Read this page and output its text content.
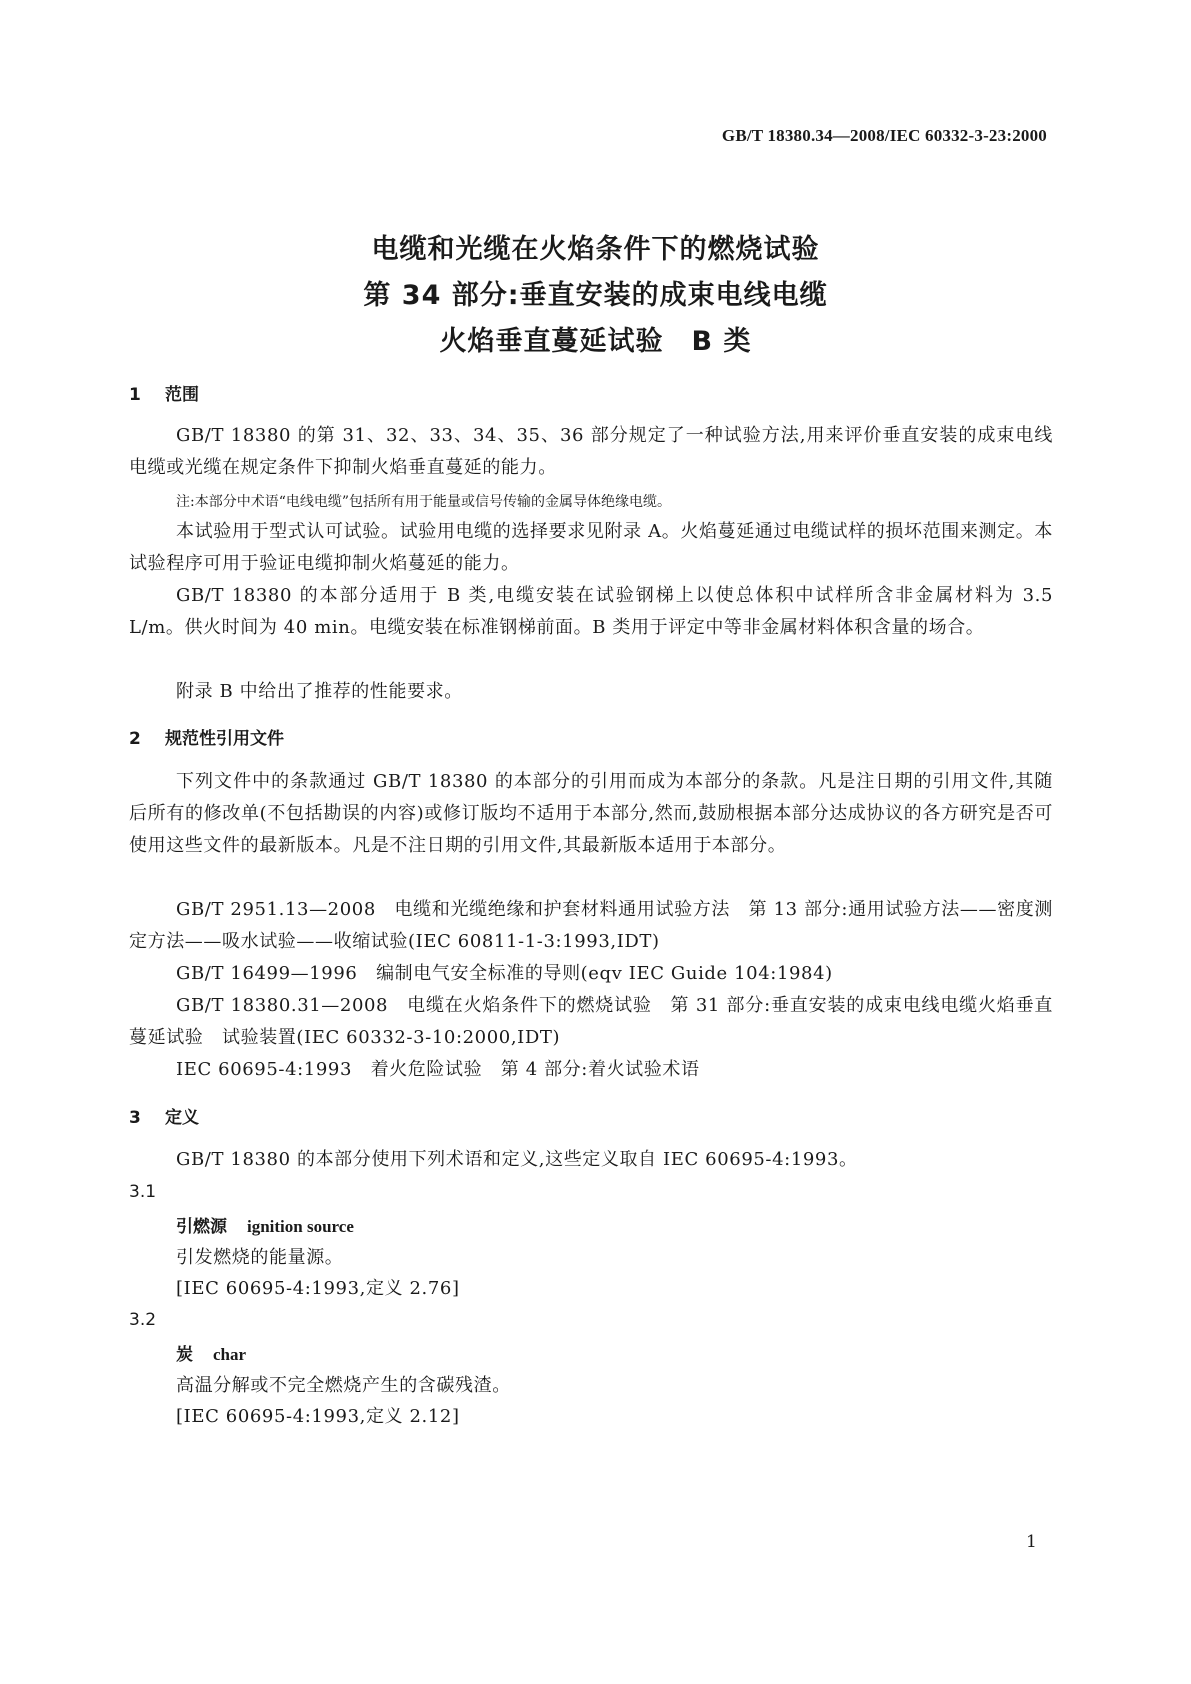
GB/T 18380.34—2008/IEC 60332-3-23:2000
电缆和光缆在火焰条件下的燃烧试验
第 34 部分:垂直安装的成束电线电缆
火焰垂直蔓延试验　B 类
1 范围
GB/T 18380 的第 31、32、33、34、35、36 部分规定了一种试验方法,用来评价垂直安装的成束电线电缆或光缆在规定条件下抑制火焰垂直蔓延的能力。
注:本部分中术语“电线电缆”包括所有用于能量或信号传输的金属导体绝缘电缆。
本试验用于型式认可试验。试验用电缆的选择要求见附录 A。火焰蔓延通过电缆试样的损坏范围来测定。本试验程序可用于验证电缆抑制火焰蔓延的能力。
GB/T 18380 的本部分适用于 B 类,电缆安装在试验钢梯上以使总体积中试样所含非金属材料为 3.5 L/m。供火时间为 40 min。电缆安装在标准钢梯前面。B 类用于评定中等非金属材料体积含量的场合。
附录 B 中给出了推荐的性能要求。
2 规范性引用文件
下列文件中的条款通过 GB/T 18380 的本部分的引用而成为本部分的条款。凡是注日期的引用文件,其随后所有的修改单(不包括勘误的内容)或修订版均不适用于本部分,然而,鼓励根据本部分达成协议的各方研究是否可使用这些文件的最新版本。凡是不注日期的引用文件,其最新版本适用于本部分。
GB/T 2951.13—2008　电缆和光缆绝缘和护套材料通用试验方法　第 13 部分:通用试验方法——密度测定方法——吸水试验——收缩试验(IEC 60811-1-3:1993,IDT)
GB/T 16499—1996　编制电气安全标准的导则(eqv IEC Guide 104:1984)
GB/T 18380.31—2008　电缆在火焰条件下的燃烧试验　第 31 部分:垂直安装的成束电线电缆火焰垂直蔓延试验　试验装置(IEC 60332-3-10:2000,IDT)
IEC 60695-4:1993　着火危险试验　第 4 部分:着火试验术语
3 定义
GB/T 18380 的本部分使用下列术语和定义,这些定义取自 IEC 60695-4:1993。
3.1
引燃源 ignition source
引发燃烧的能量源。
[IEC 60695-4:1993,定义 2.76]
3.2
炭 char
高温分解或不完全燃烧产生的含碳残渣。
[IEC 60695-4:1993,定义 2.12]
1
